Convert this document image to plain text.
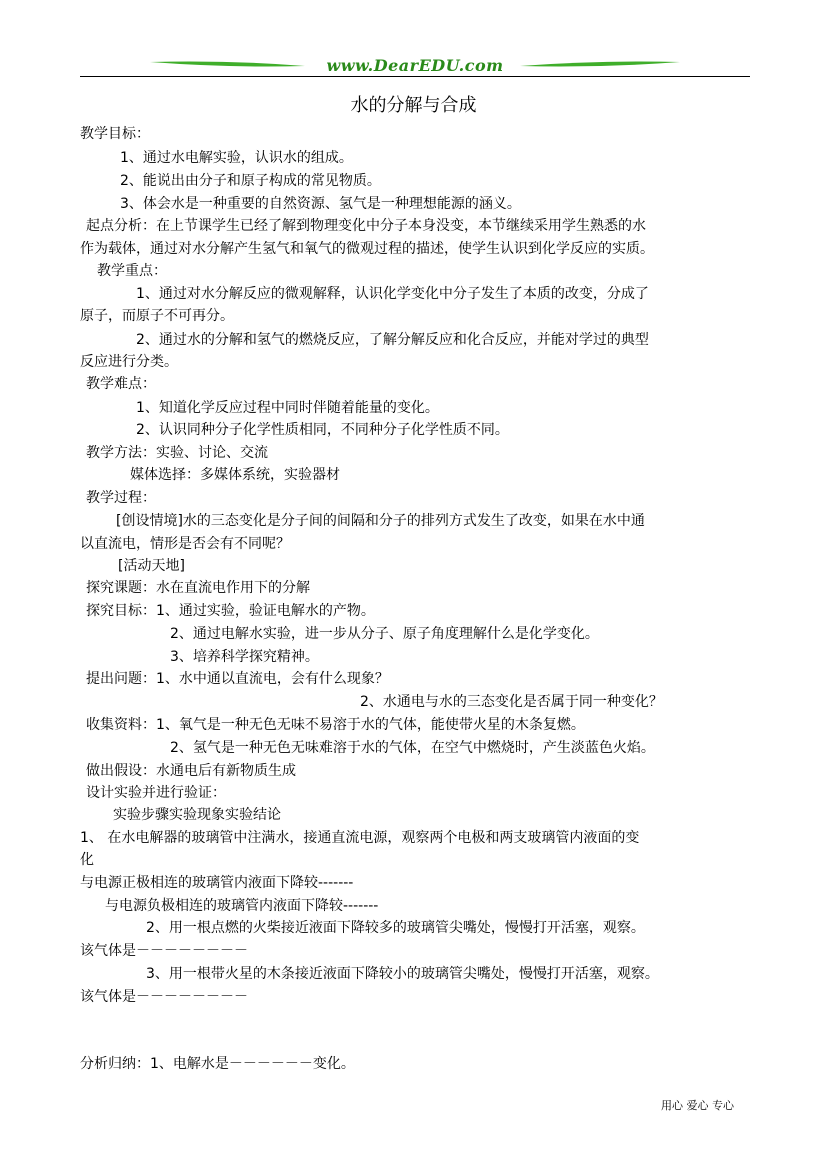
www.DearEDU.com
水的分解与合成
教学目标：
1、通过水电解实验，认识水的组成。
2、能说出由分子和原子构成的常见物质。
3、体会水是一种重要的自然资源、氢气是一种理想能源的涵义。
起点分析：在上节课学生已经了解到物理变化中分子本身没变，本节继续采用学生熟悉的水
作为载体，通过对水分解产生氢气和氧气的微观过程的描述，使学生认识到化学反应的实质。
教学重点：
1、通过对水分解反应的微观解释，认识化学变化中分子发生了本质的改变，分成了
原子，而原子不可再分。
2、通过水的分解和氢气的燃烧反应，了解分解反应和化合反应，并能对学过的典型
反应进行分类。
教学难点：
1、知道化学反应过程中同时伴随着能量的变化。
2、认识同种分子化学性质相同，不同种分子化学性质不同。
教学方法：实验、讨论、交流
媒体选择：多媒体系统，实验器材
教学过程：
[创设情境]水的三态变化是分子间的间隔和分子的排列方式发生了改变，如果在水中通
以直流电，情形是否会有不同呢？
[活动天地]
探究课题：水在直流电作用下的分解
探究目标：1、通过实验，验证电解水的产物。
2、通过电解水实验，进一步从分子、原子角度理解什么是化学变化。
3、培养科学探究精神。
提出问题：1、水中通以直流电，会有什么现象？
2、水通电与水的三态变化是否属于同一种变化？
收集资料：1、氧气是一种无色无味不易溶于水的气体，能使带火星的木条复燃。
2、氢气是一种无色无味难溶于水的气体，在空气中燃烧时，产生淡蓝色火焰。
做出假设：水通电后有新物质生成
设计实验并进行验证：
实验步骤实验现象实验结论
1、 在水电解器的玻璃管中注满水，接通直流电源，观察两个电极和两支玻璃管内液面的变
化
与电源正极相连的玻璃管内液面下降较-------
与电源负极相连的玻璃管内液面下降较-------
2、用一根点燃的火柴接近液面下降较多的玻璃管尖嘴处，慢慢打开活塞，观察。
该气体是－－－－－－－－
3、用一根带火星的木条接近液面下降较小的玻璃管尖嘴处，慢慢打开活塞，观察。
该气体是－－－－－－－－
分析归纳：1、电解水是－－－－－－变化。
用心 爱心 专心
